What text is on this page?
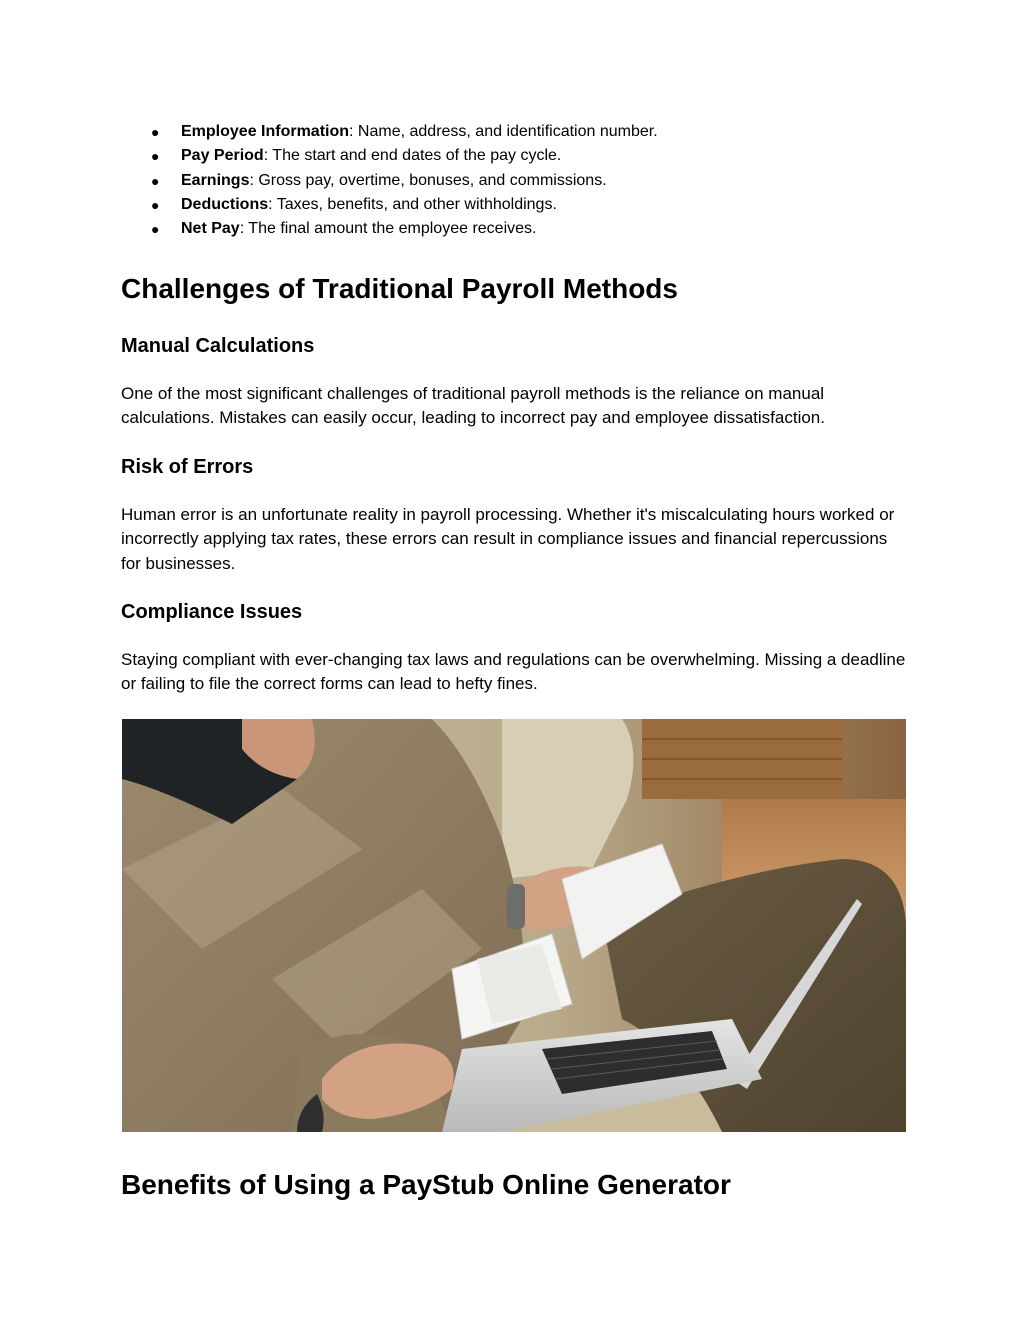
● Employee Information: Name, address, and identification number.
● Pay Period: The start and end dates of the pay cycle.
● Earnings: Gross pay, overtime, bonuses, and commissions.
● Deductions: Taxes, benefits, and other withholdings.
● Net Pay: The final amount the employee receives.
Challenges of Traditional Payroll Methods
Manual Calculations

One of the most significant challenges of traditional payroll methods is the reliance on manual calculations. Mistakes can easily occur, leading to incorrect pay and employee dissatisfaction.

Risk of Errors

Human error is an unfortunate reality in payroll processing. Whether it's miscalculating hours worked or incorrectly applying tax rates, these errors can result in compliance issues and financial repercussions for businesses.

Compliance Issues

Staying compliant with ever-changing tax laws and regulations can be overwhelming. Missing a deadline or failing to file the correct forms can lead to hefty fines.

Benefits of Using a PayStub Online Generator
